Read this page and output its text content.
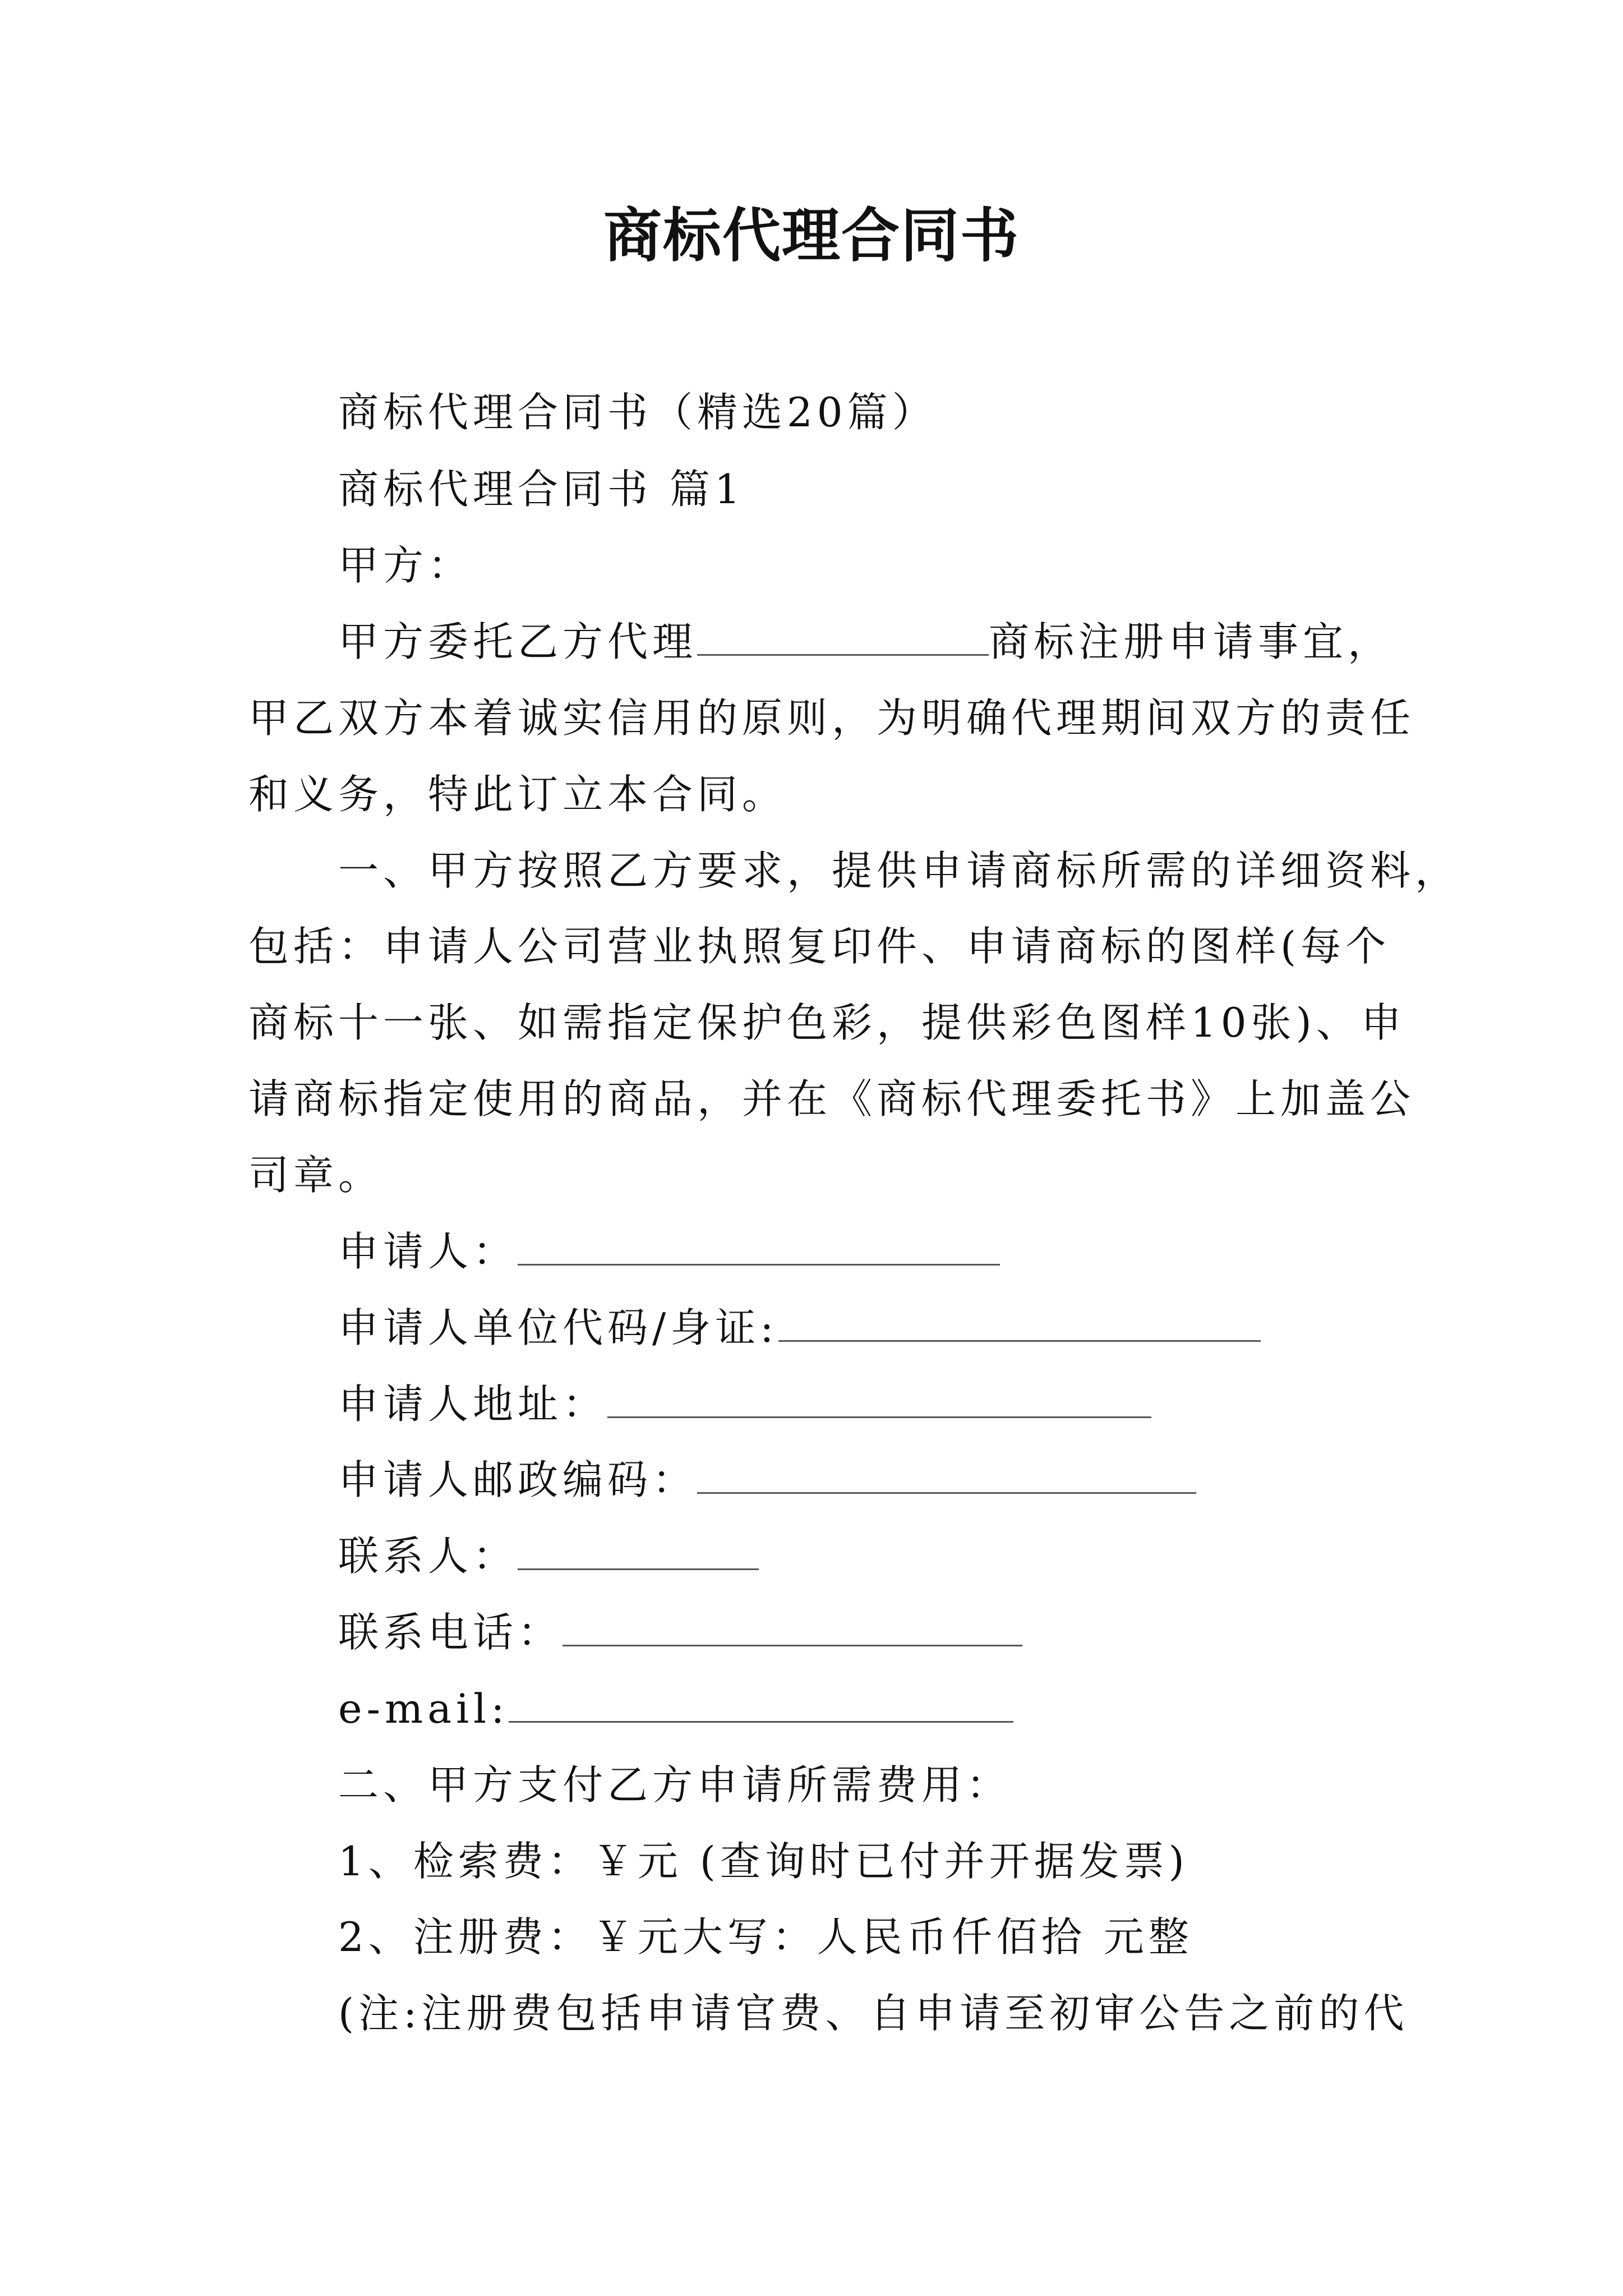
商标代理合同书
商标代理合同书（精选20篇）
商标代理合同书 篇1
甲方：
甲方委托乙方代理	商标注册申请事宜，
甲乙双方本着诚实信用的原则，为明确代理期间双方的责任
和义务，特此订立本合同。
一、甲方按照乙方要求，提供申请商标所需的详细资料，
包括：申请人公司营业执照复印件、申请商标的图样(每个
商标十一张、如需指定保护色彩，提供彩色图样10张)、申
请商标指定使用的商品，并在《商标代理委托书》上加盖公
司章。
申请人：
申请人单位代码/身证:
申请人地址：
申请人邮政编码：
联系人：
联系电话：
e-mail:
二、甲方支付乙方申请所需费用：
1、检索费：￥元 (查询时已付并开据发票)
2、注册费：￥元大写：人民币仟佰拾 元整
(注:注册费包括申请官费、自申请至初审公告之前的代
